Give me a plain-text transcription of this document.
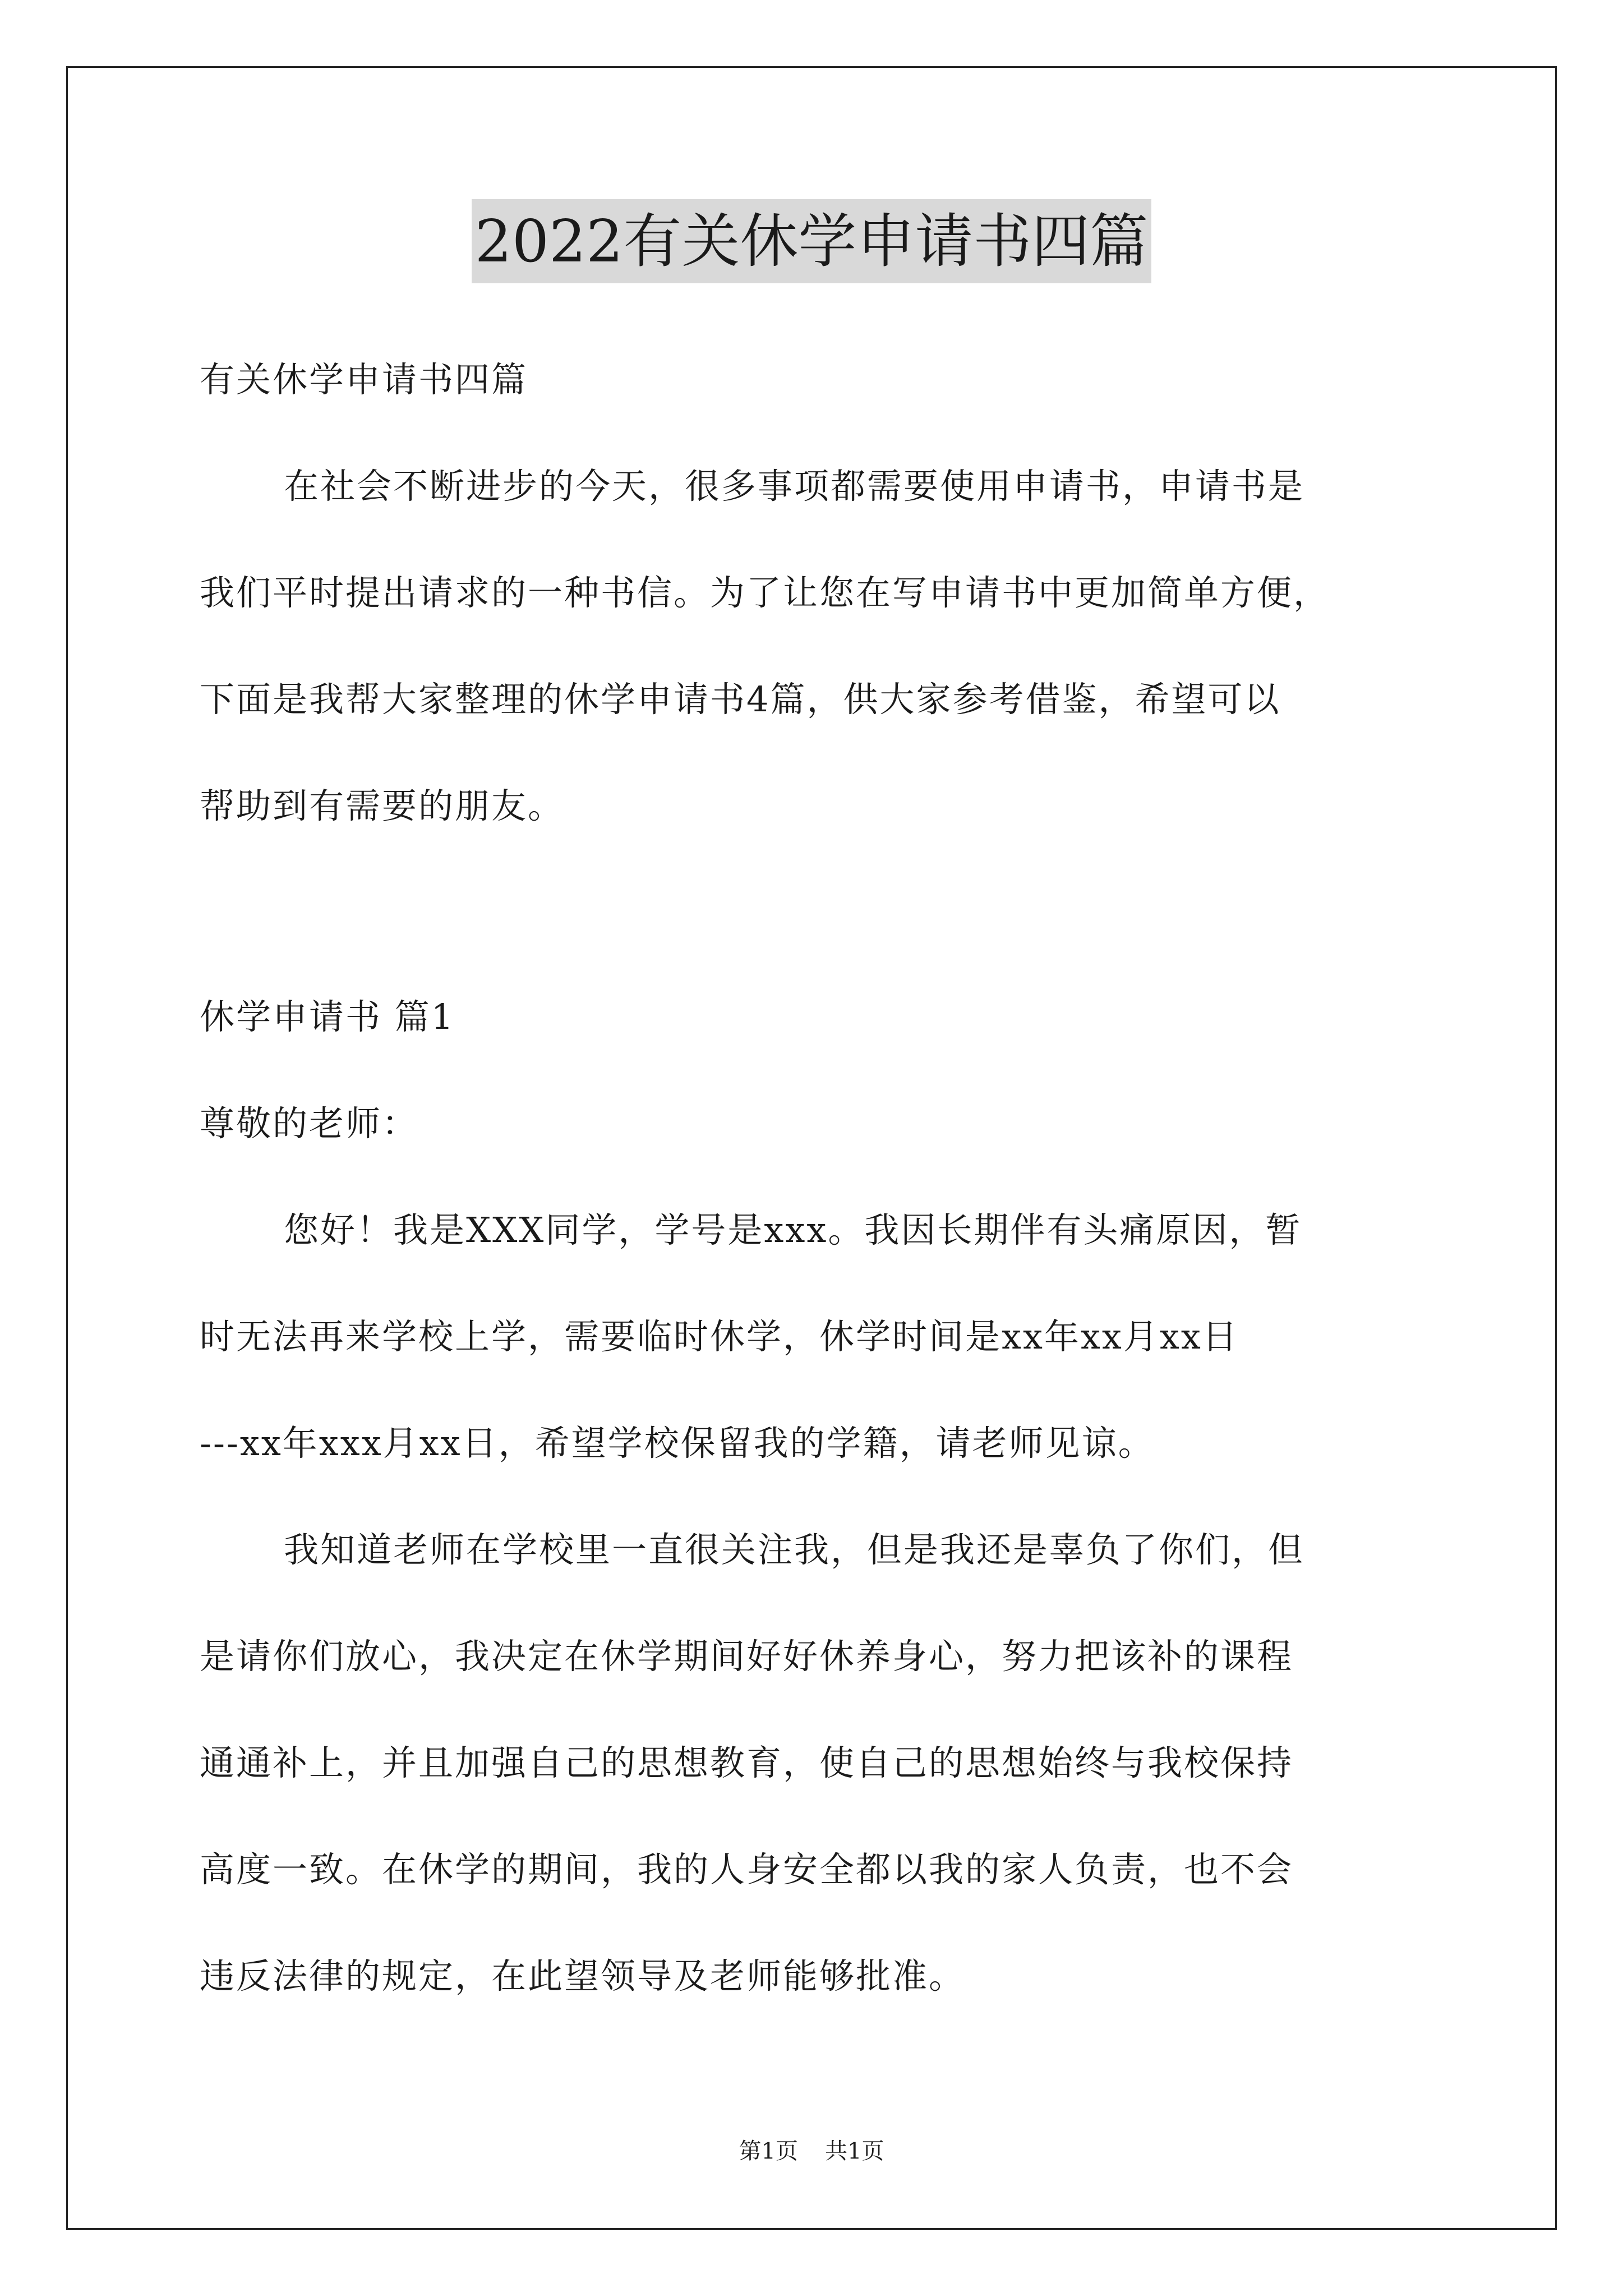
2022有关休学申请书四篇
有关休学申请书四篇
在社会不断进步的今天，很多事项都需要使用申请书，申请书是
我们平时提出请求的一种书信。为了让您在写申请书中更加简单方便，
下面是我帮大家整理的休学申请书4篇，供大家参考借鉴，希望可以
帮助到有需要的朋友。
休学申请书 篇1
尊敬的老师：
您好！我是XXX同学，学号是xxx。我因长期伴有头痛原因，暂
时无法再来学校上学，需要临时休学，休学时间是xx年xx月xx日
---xx年xxx月xx日，希望学校保留我的学籍，请老师见谅。
我知道老师在学校里一直很关注我，但是我还是辜负了你们，但
是请你们放心，我决定在休学期间好好休养身心，努力把该补的课程
通通补上，并且加强自己的思想教育，使自己的思想始终与我校保持
高度一致。在休学的期间，我的人身安全都以我的家人负责，也不会
违反法律的规定，在此望领导及老师能够批准。
第1页 共1页
